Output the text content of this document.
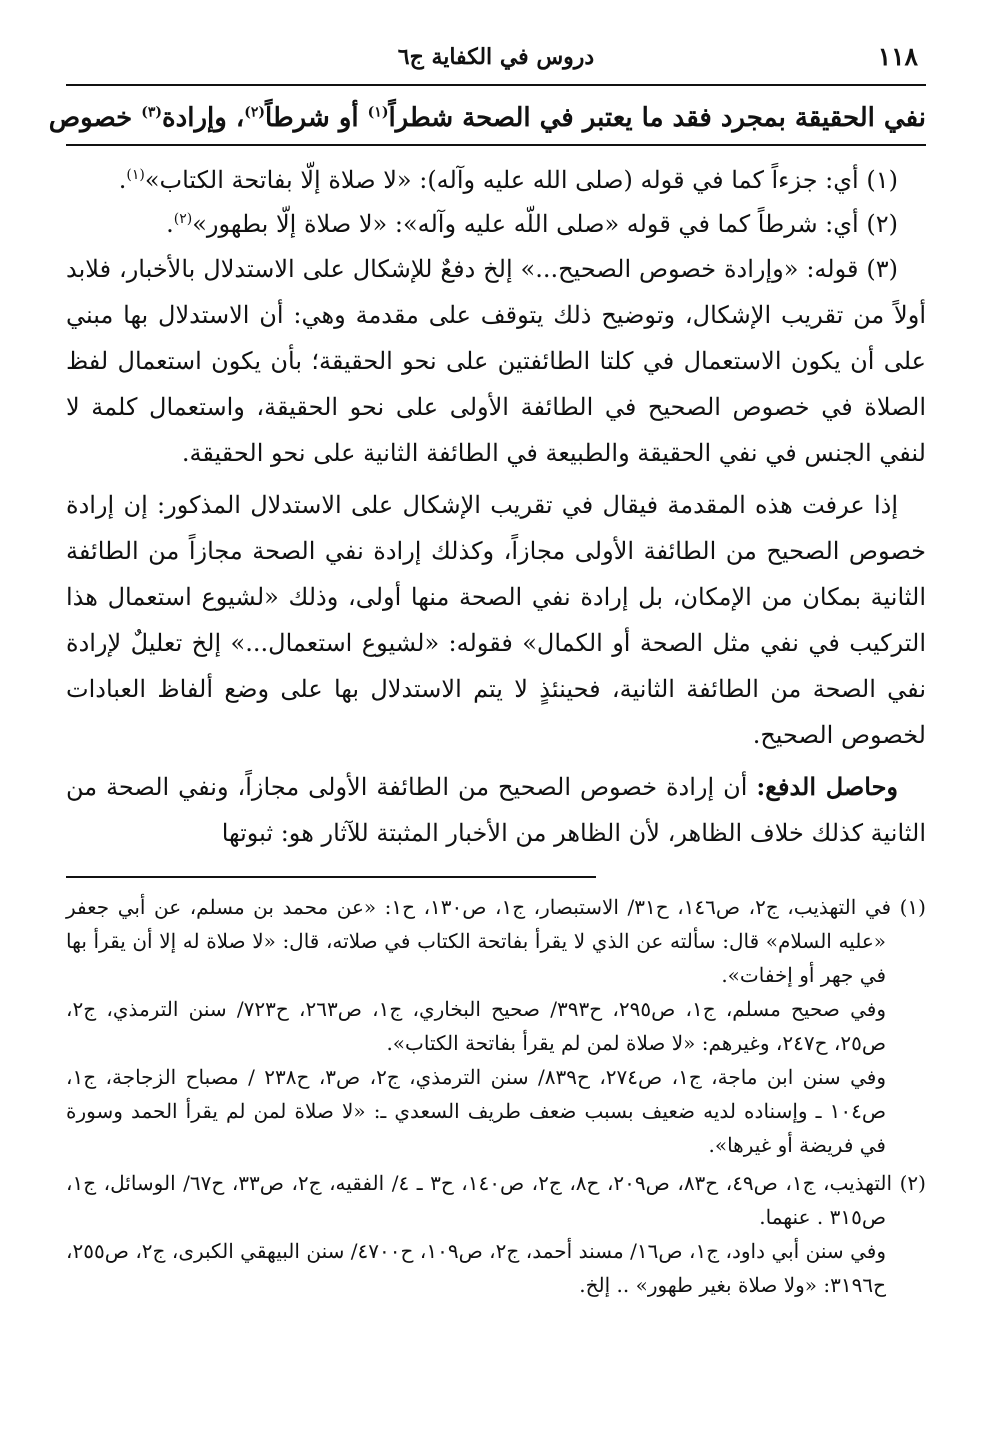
١١٨
دروس في الكفاية ج٦
نفي الحقيقة بمجرد فقد ما يعتبر في الصحة شطراً$^{(١)}$ أو شرطاً$^{(٢)}$، وإرادة$^{(٣)}$ خصوص

(١) أي: جزءاً كما في قوله (صلى الله عليه وآله): «لا صلاة إلّا بفاتحة الكتاب»$^{(١)}$.

(٢) أي: شرطاً كما في قوله «صلى اللّه عليه وآله»: «لا صلاة إلّا بطهور»$^{(٢)}$.

(٣) قوله: «وإرادة خصوص الصحيح...» إلخ دفعٌ للإشكال على الاستدلال بالأخبار، فلابد أولاً من تقريب الإشكال، وتوضيح ذلك يتوقف على مقدمة وهي: أن الاستدلال بها مبني على أن يكون الاستعمال في كلتا الطائفتين على نحو الحقيقة؛ بأن يكون استعمال لفظ الصلاة في خصوص الصحيح في الطائفة الأولى على نحو الحقيقة، واستعمال كلمة لا لنفي الجنس في نفي الحقيقة والطبيعة في الطائفة الثانية على نحو الحقيقة.

إذا عرفت هذه المقدمة فيقال في تقريب الإشكال على الاستدلال المذكور: إن إرادة خصوص الصحيح من الطائفة الأولى مجازاً، وكذلك إرادة نفي الصحة مجازاً من الطائفة الثانية بمكان من الإمكان، بل إرادة نفي الصحة منها أولى، وذلك «لشيوع استعمال هذا التركيب في نفي مثل الصحة أو الكمال» فقوله: «لشيوع استعمال...» إلخ تعليلٌ لإرادة نفي الصحة من الطائفة الثانية، فحينئذٍ لا يتم الاستدلال بها على وضع ألفاظ العبادات لخصوص الصحيح.

وحاصل الدفع: أن إرادة خصوص الصحيح من الطائفة الأولى مجازاً، ونفي الصحة من الثانية كذلك خلاف الظاهر، لأن الظاهر من الأخبار المثبتة للآثار هو: ثبوتها

(١) في التهذيب، ج٢، ص١٤٦، ح٣١/ الاستبصار، ج١، ص١٣٠، ح١: «عن محمد بن مسلم، عن أبي جعفر «عليه السلام» قال: سألته عن الذي لا يقرأ بفاتحة الكتاب في صلاته، قال: «لا صلاة له إلا أن يقرأ بها في جهر أو إخفات».

وفي صحيح مسلم، ج١، ص٢٩٥، ح٣٩٣/ صحيح البخاري، ج١، ص٢٦٣، ح٧٢٣/ سنن الترمذي، ج٢، ص٢٥، ح٢٤٧، وغيرهم: «لا صلاة لمن لم يقرأ بفاتحة الكتاب».

وفي سنن ابن ماجة، ج١، ص٢٧٤، ح٨٣٩/ سنن الترمذي، ج٢، ص٣، ح٢٣٨ / مصباح الزجاجة، ج١، ص١٠٤ ـ وإسناده لديه ضعيف بسبب ضعف طريف السعدي ـ: «لا صلاة لمن لم يقرأ الحمد وسورة في فريضة أو غيرها».

(٢) التهذيب، ج١، ص٤٩، ح٨٣، ص٢٠٩، ح٨، ج٢، ص١٤٠، ح٣ ـ ٤/ الفقيه، ج٢، ص٣٣، ح٦٧/ الوسائل، ج١، ص٣١٥ . عنهما.

وفي سنن أبي داود، ج١، ص١٦/ مسند أحمد، ج٢، ص١٠٩، ح٤٧٠٠/ سنن البيهقي الكبرى، ج٢، ص٢٥٥، ح٣١٩٦: «ولا صلاة بغير طهور» .. إلخ.
